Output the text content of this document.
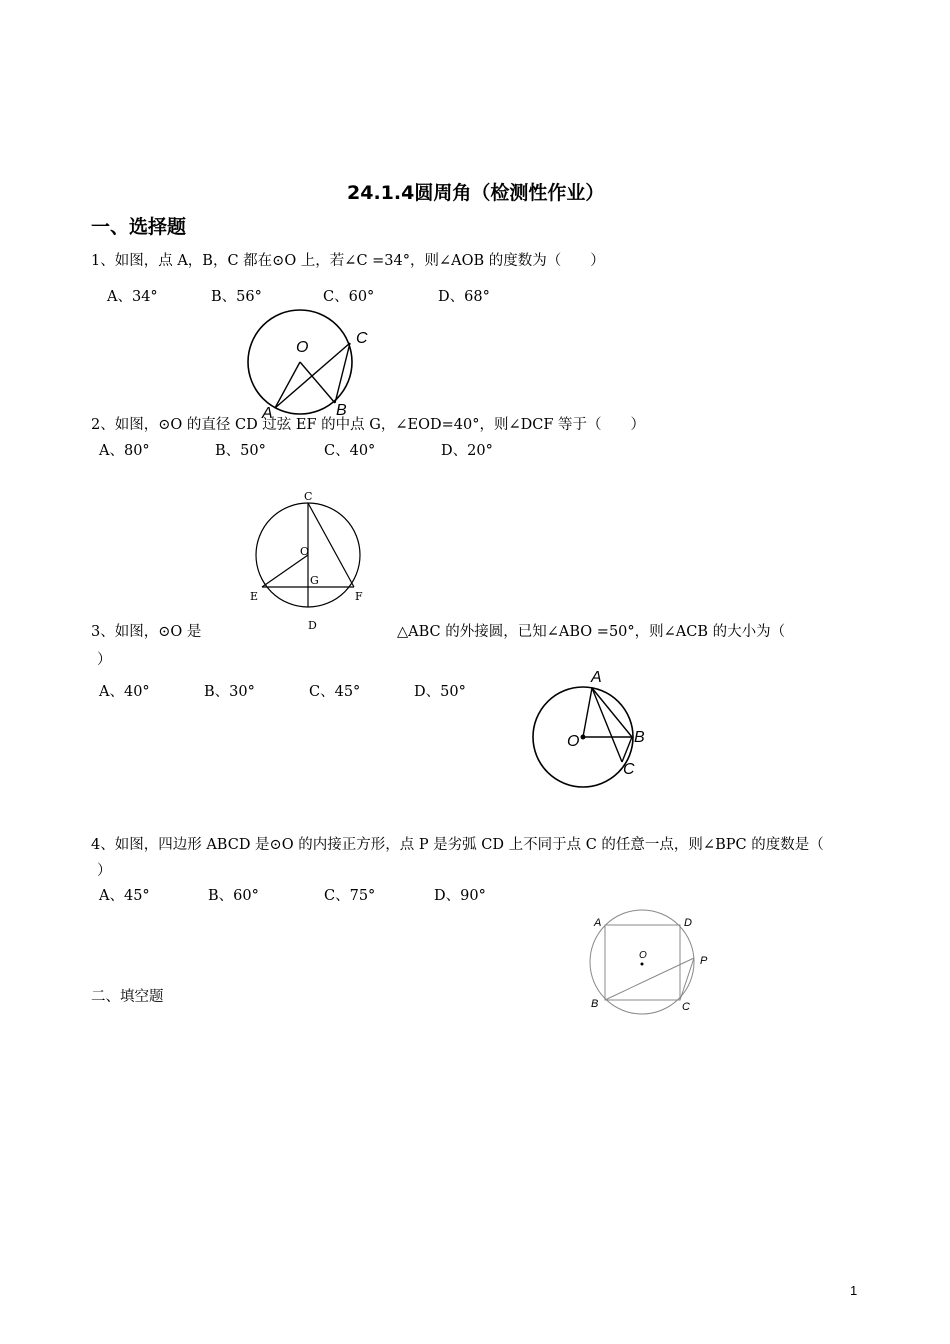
24.1.4圆周角（检测性作业）
一、选择题
1、如图，点 A，B，C 都在⊙O 上，若∠C =34°，则∠AOB 的度数为（　　）
A、34°	B、56°	C、60°	D、68°
O
C
A	B
2、如图，⊙O 的直径 CD 过弦 EF 的中点 G，∠EOD=40°，则∠DCF 等于（　　）
A、80°	B、50°	C、40°	D、20°
C
O
G
E	F
D
3、如图，⊙O 是	△ABC 的外接圆，已知∠ABO =50°，则∠ACB 的大小为（
）
A、40°	B、30°	C、45°	D、50°
A
O	B
C
4、如图，四边形 ABCD 是⊙O 的内接正方形，点 P 是劣弧 CD 上不同于点 C 的任意一点，则∠BPC 的度数是（
）
A、45°	B、60°	C、75°	D、90°
A	D
O	P
B	C
二、填空题
1
